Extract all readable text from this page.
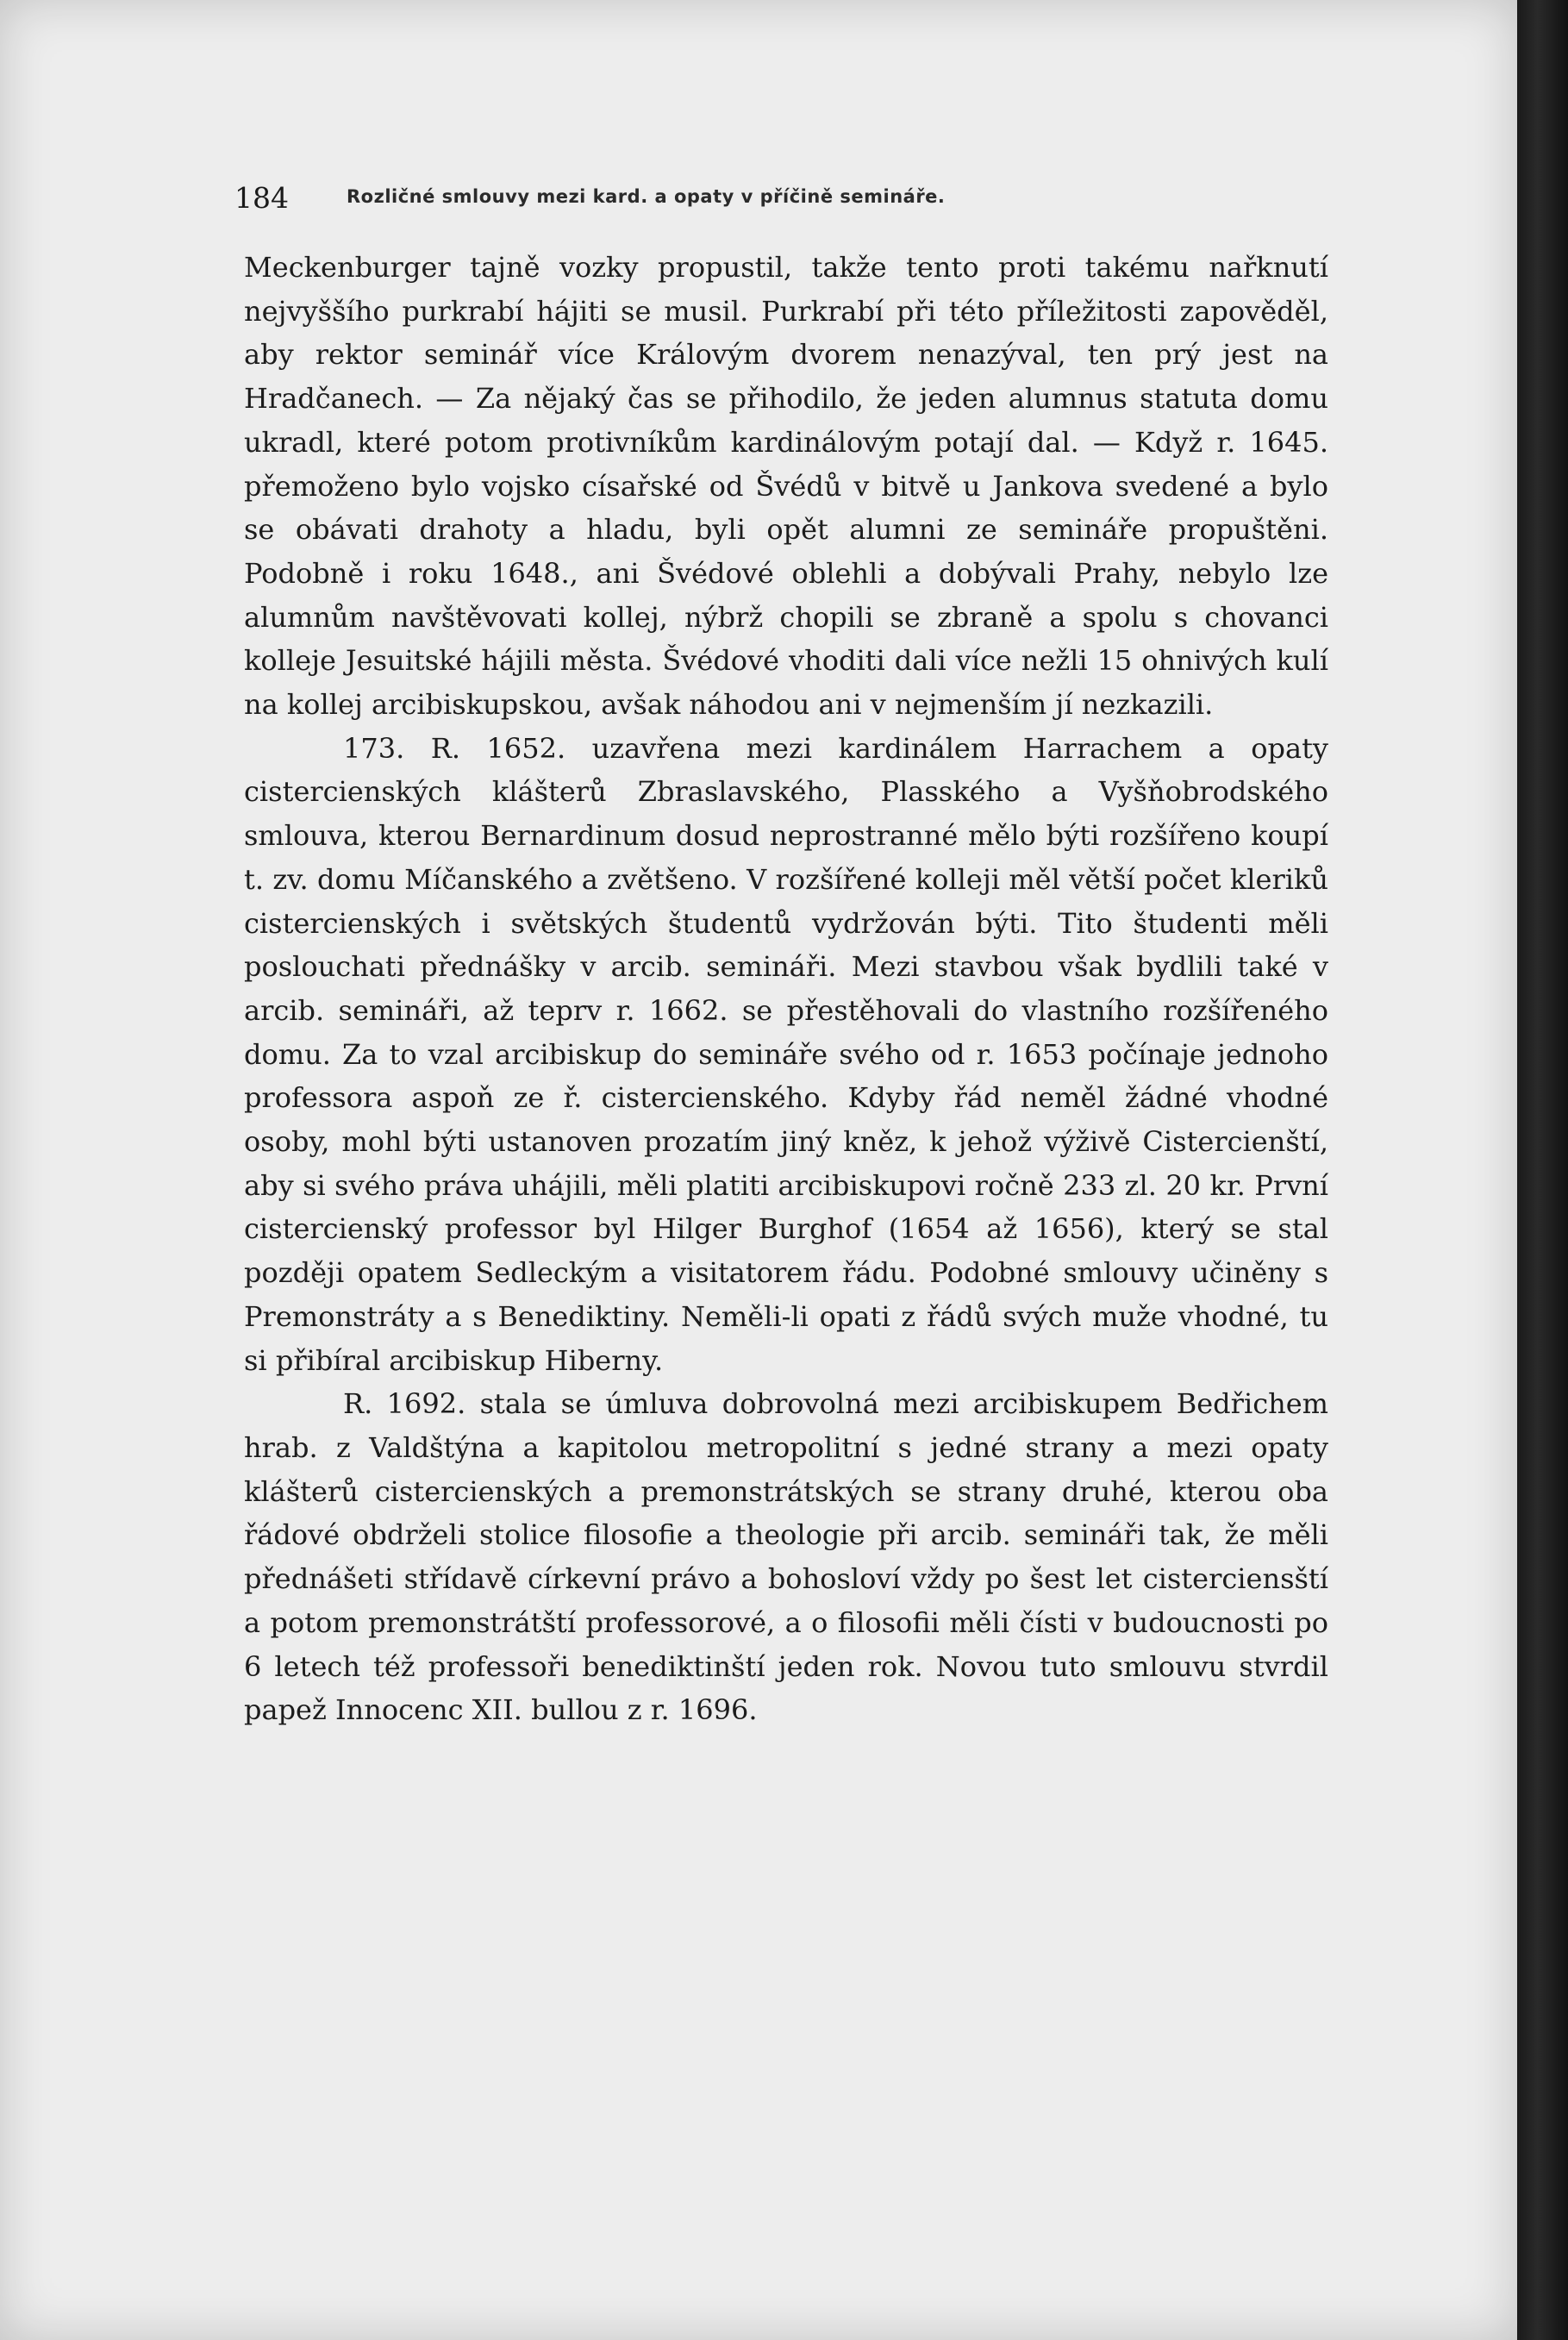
184	Rozličné smlouvy mezi kard. a opaty v příčině semináře.

Meckenburger tajně vozky propustil, takže tento proti takému nařknutí nejvyššího purkrabí hájiti se musil. Purkrabí při této příležitosti zapověděl, aby rektor seminář více Královým dvorem nenazýval, ten prý jest na Hradčanech. — Za nějaký čas se přihodilo, že jeden alumnus statuta domu ukradl, které potom protivníkům kardinálovým potají dal. — Když r. 1645. přemoženo bylo vojsko císařské od Švédů v bitvě u Jankova svedené a bylo se obávati drahoty a hladu, byli opět alumni ze semináře propuštěni. Podobně i roku 1648., ani Švédové oblehli a dobývali Prahy, nebylo lze alumnům navštěvovati kollej, nýbrž chopili se zbraně a spolu s chovanci kolleje Jesuitské hájili města. Švédové vhoditi dali více nežli 15 ohnivých kulí na kollej arcibiskupskou, avšak náhodou ani v nejmenším jí nezkazili.

173. R. 1652. uzavřena mezi kardinálem Harrachem a opaty cistercienských klášterů Zbraslavského, Plasského a Vyšňobrodského smlouva, kterou Bernardinum dosud neprostranné mělo býti rozšířeno koupí t. zv. domu Míčanského a zvětšeno. V rozšířené kolleji měl větší počet kleriků cistercienských i světských študentů vydržován býti. Tito študenti měli poslouchati přednášky v arcib. semináři. Mezi stavbou však bydlili také v arcib. semináři, až teprv r. 1662. se přestěhovali do vlastního rozšířeného domu. Za to vzal arcibiskup do semináře svého od r. 1653 počínaje jednoho professora aspoň ze ř. cistercienského. Kdyby řád neměl žádné vhodné osoby, mohl býti ustanoven prozatím jiný kněz, k jehož výživě Cistercienští, aby si svého práva uhájili, měli platiti arcibiskupovi ročně 233 zl. 20 kr. První cistercienský professor byl Hilger Burghof (1654 až 1656), který se stal později opatem Sedleckým a visitatorem řádu. Podobné smlouvy učiněny s Premonstráty a s Benediktiny. Neměli-li opati z řádů svých muže vhodné, tu si přibíral arcibiskup Hiberny.

R. 1692. stala se úmluva dobrovolná mezi arcibiskupem Bedřichem hrab. z Valdštýna a kapitolou metropolitní s jedné strany a mezi opaty klášterů cistercienských a premonstrátských se strany druhé, kterou oba řádové obdrželi stolice filosofie a theologie při arcib. semináři tak, že měli přednášeti střídavě církevní právo a bohosloví vždy po šest let cisterciensští a potom premonstrátští professorové, a o filosofii měli čísti v budoucnosti po 6 letech též professoři benediktinští jeden rok. Novou tuto smlouvu stvrdil papež Innocenc XII. bullou z r. 1696.
